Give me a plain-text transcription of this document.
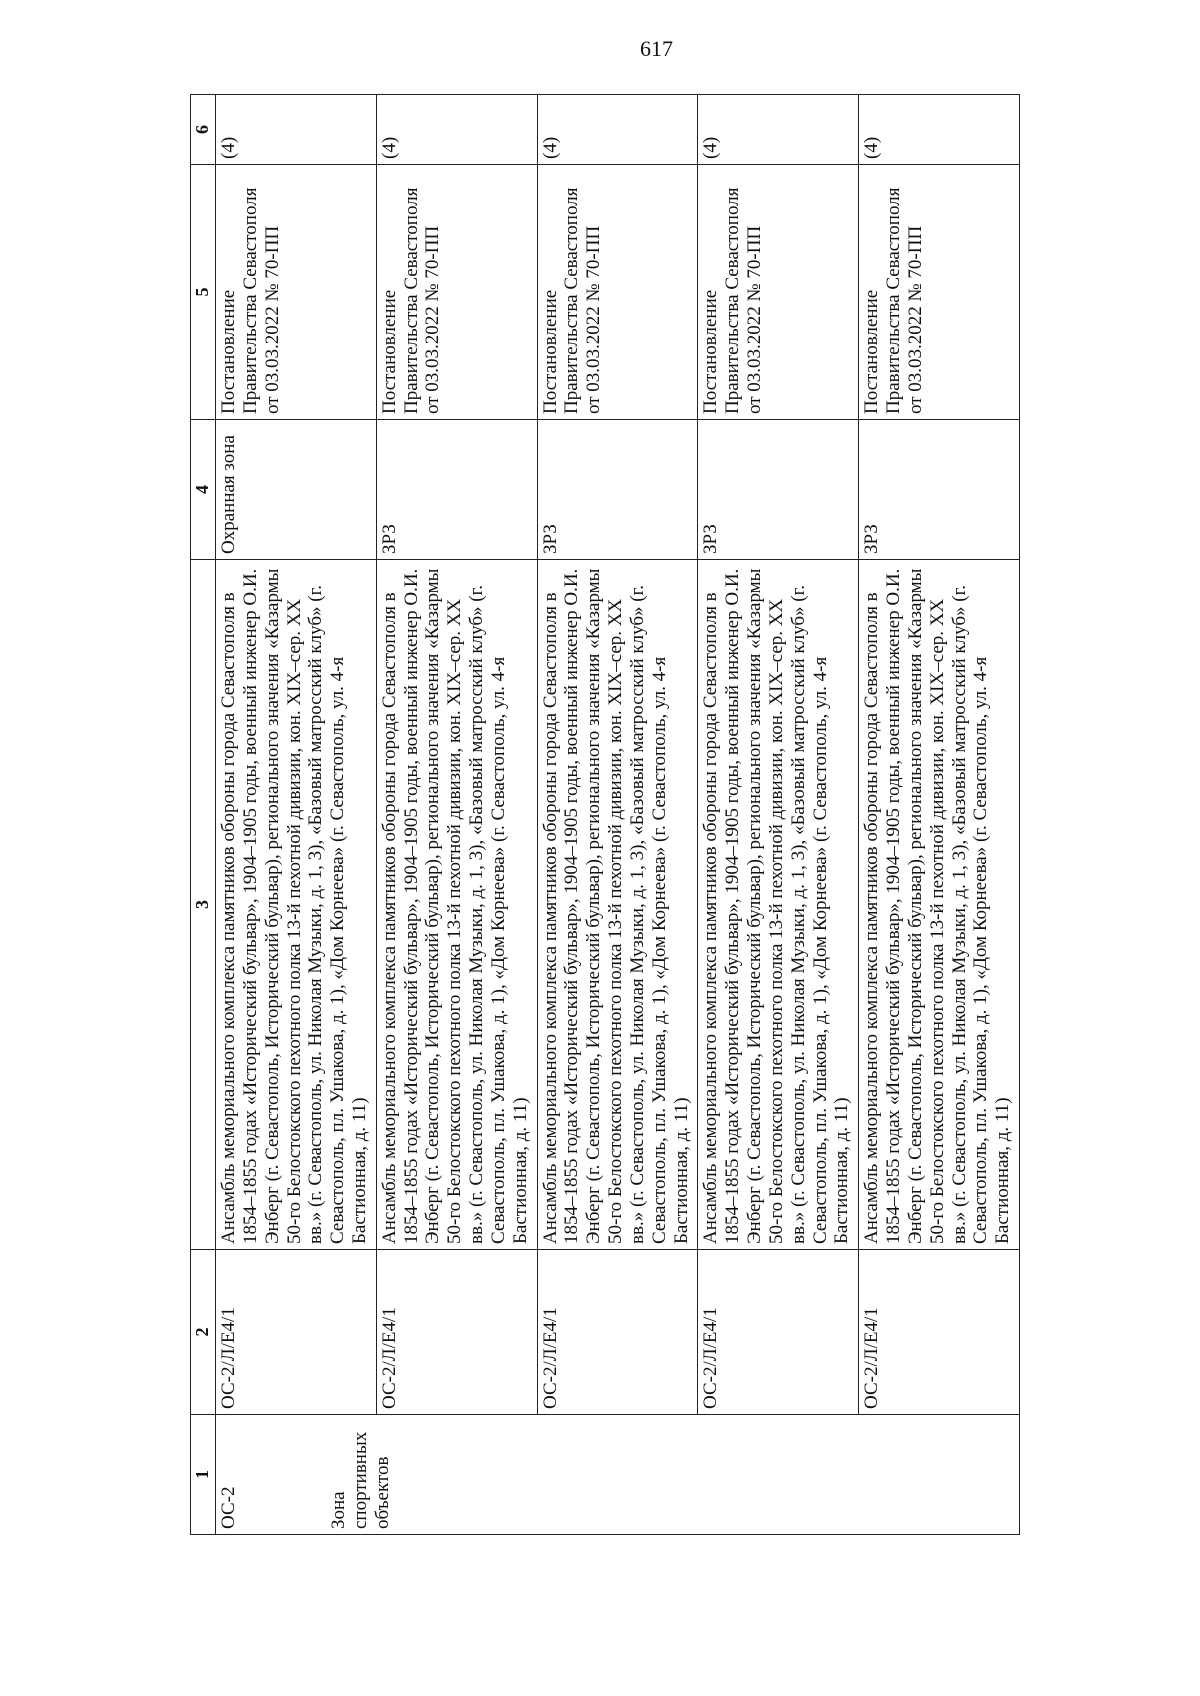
617
1	2	3	4	5	6

ОС-2 Зона спортивных объектов	ОС-2/Л/Е4/1	Ансамбль мемориального комплекса памятников обороны города Севастополя в 1854–1855 годах «Исторический бульвар», 1904–1905 годы, военный инженер О.И. Энберг (г. Севастополь, Исторический бульвар), регионального значения «Казармы 50-го Белостокского пехотного полка 13-й пехотной дивизии, кон. XIX–сер. XX вв.» (г. Севастополь, ул. Николая Музыки, д. 1, 3), «Базовый матросский клуб» (г. Севастополь, пл. Ушакова, д. 1), «Дом Корнеева» (г. Севастополь, ул. 4-я Бастионная, д. 11)	Охранная зона	Постановление Правительства Севастополя от 03.03.2022 № 70-ПП	(4)
	ОС-2/Л/Е4/1	Ансамбль мемориального комплекса памятников обороны города Севастополя в 1854–1855 годах «Исторический бульвар», 1904–1905 годы, военный инженер О.И. Энберг (г. Севастополь, Исторический бульвар), регионального значения «Казармы 50-го Белостокского пехотного полка 13-й пехотной дивизии, кон. XIX–сер. XX вв.» (г. Севастополь, ул. Николая Музыки, д. 1, 3), «Базовый матросский клуб» (г. Севастополь, пл. Ушакова, д. 1), «Дом Корнеева» (г. Севастополь, ул. 4-я Бастионная, д. 11)	ЗРЗ	Постановление Правительства Севастополя от 03.03.2022 № 70-ПП	(4)
	ОС-2/Л/Е4/1	Ансамбль мемориального комплекса памятников обороны города Севастополя в 1854–1855 годах «Исторический бульвар», 1904–1905 годы, военный инженер О.И. Энберг (г. Севастополь, Исторический бульвар), регионального значения «Казармы 50-го Белостокского пехотного полка 13-й пехотной дивизии, кон. XIX–сер. XX вв.» (г. Севастополь, ул. Николая Музыки, д. 1, 3), «Базовый матросский клуб» (г. Севастополь, пл. Ушакова, д. 1), «Дом Корнеева» (г. Севастополь, ул. 4-я Бастионная, д. 11)	ЗРЗ	Постановление Правительства Севастополя от 03.03.2022 № 70-ПП	(4)
	ОС-2/Л/Е4/1	Ансамбль мемориального комплекса памятников обороны города Севастополя в 1854–1855 годах «Исторический бульвар», 1904–1905 годы, военный инженер О.И. Энберг (г. Севастополь, Исторический бульвар), регионального значения «Казармы 50-го Белостокского пехотного полка 13-й пехотной дивизии, кон. XIX–сер. XX вв.» (г. Севастополь, ул. Николая Музыки, д. 1, 3), «Базовый матросский клуб» (г. Севастополь, пл. Ушакова, д. 1), «Дом Корнеева» (г. Севастополь, ул. 4-я Бастионная, д. 11)	ЗРЗ	Постановление Правительства Севастополя от 03.03.2022 № 70-ПП	(4)
	ОС-2/Л/Е4/1	Ансамбль мемориального комплекса памятников обороны города Севастополя в 1854–1855 годах «Исторический бульвар», 1904–1905 годы, военный инженер О.И. Энберг (г. Севастополь, Исторический бульвар), регионального значения «Казармы 50-го Белостокского пехотного полка 13-й пехотной дивизии, кон. XIX–сер. XX вв.» (г. Севастополь, ул. Николая Музыки, д. 1, 3), «Базовый матросский клуб» (г. Севастополь, пл. Ушакова, д. 1), «Дом Корнеева» (г. Севастополь, ул. 4-я Бастионная, д. 11)	ЗРЗ	Постановление Правительства Севастополя от 03.03.2022 № 70-ПП	(4)
